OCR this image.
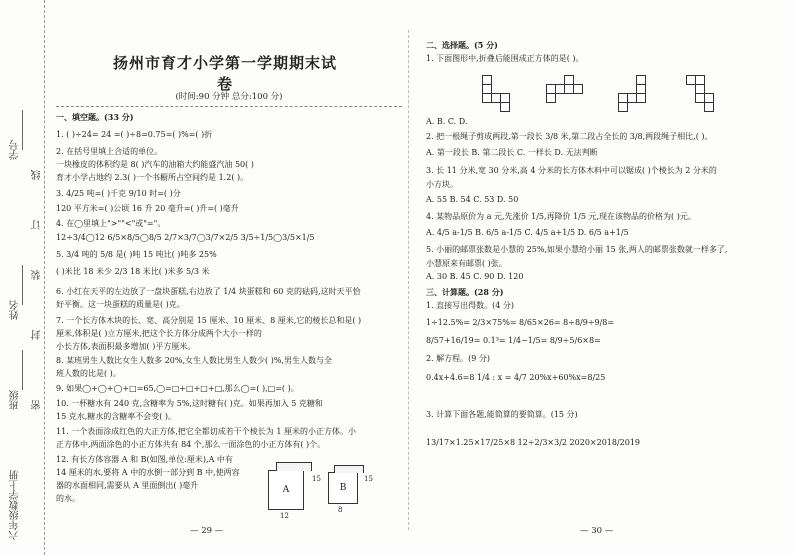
学号
姓名
班级
六年级数学上册
线
订
装
封
密
扬州市育才小学第一学期期末试卷
(时间:90 分钟 总分:100 分)
一、填空题。(33 分)
1. ( )÷24= 24 =( )÷8=0.75=( )%=( )折
2. 在括号里填上合适的单位。
一块橡皮的体积约是 8( )汽车的油箱大约能盛汽油 50( )
育才小学占地约 2.3( )一个书橱所占空间约是 1.2( )。
3. 4/25 吨=( )千克 9/10 时=( )分
120 平方米=( )公顷 16 升 20 毫升=( )升=( )毫升
4. 在◯里填上">""<"或"="。
12÷3/4◯12 6/5×8/5◯8/5 2/7×3/7◯3/7×2/5 3/5÷1/5◯3/5×1/5
5. 3/4 吨的 5/8 是( )吨 15 吨比( )吨多 25%
( )米比 18 米少 2/3 18 米比( )米多 5/3 米
6. 小红在天平的左边放了一盘块蛋糕,右边放了 1/4 块蛋糕和 60 克的砝码,这时天平恰
好平衡。这一块蛋糕的质量是( )克。
7. 一个长方体木块的长、宽、高分别是 15 厘米、10 厘米、8 厘米,它的棱长总和是( )
厘米,体积是( )立方厘米,把这个长方体分成两个大小一样的
小长方体,表面积最多增加( )平方厘米。
8. 某班男生人数比女生人数多 20%,女生人数比男生人数少( )%,男生人数与全
班人数的比是( )。
9. 如果◯+◯+◯+□=65,◯=□+□+□+□,那么◯=( ),□=( )。
10. 一杯糖水有 240 克,含糖率为 5%,这时糖有( )克。如果再加入 5 克糖和
15 克水,糖水的含糖率不会变( )。
11. 一个表面涂成红色的大正方体,把它全都切成若干个棱长为 1 厘米的小正方体。小
正方体中,两面涂色的小正方体共有 84 个,那么一面涂色的小正方体有( )个。
12. 有长方体容器 A 和 B(如图,单位:厘米),A 中有
14 厘米的水,要将 A 中的水倒一部分到 B 中,使两容
器的水面相同,需要从 A 里面倒出( )毫升
的水。
A
15
12
B
15
8
— 29 —
二、选择题。(5 分)
1. 下面图形中,折叠后能围成正方体的是( )。
A. B. C. D.
2. 把一根绳子剪成两段,第一段长 3/8 米,第二段占全长的 3/8,两段绳子相比,( )。
A. 第一段长 B. 第二段长 C. 一样长 D. 无法判断
3. 长 11 分米,宽 30 分米,高 4 分米的长方体木料中可以锯成( )个棱长为 2 分米的
小方块。
A. 55 B. 54 C. 53 D. 50
4. 某物品原价为 a 元,先涨价 1/5,再降价 1/5 元,现在该物品的价格为( )元。
A. 4/5 a-1/5 B. 6/5 a-1/5 C. 4/5 a+1/5 D. 6/5 a+1/5
5. 小丽的邮票张数是小慧的 25%,如果小慧给小丽 15 张,两人的邮票张数就一样多了,
小慧原来有邮票( )张。
A. 30 B. 45 C. 90 D. 120
三、计算题。(28 分)
1. 直接写出得数。(4 分)
1÷12.5%= 2/3×75%= 8/65×26= 8÷8/9÷9/8=
8/57+16/19= 0.1³= 1/4−1/5= 8/9÷5/6×8=
2. 解方程。(9 分)
0.4x+4.6=8 1/4 : x = 4/7 20%x+60%x=8/25
3. 计算下面各题,能简算的要简算。(15 分)
13/17×1.25×17/25×8 12÷2/3×3/2 2020×2018/2019
— 30 —
